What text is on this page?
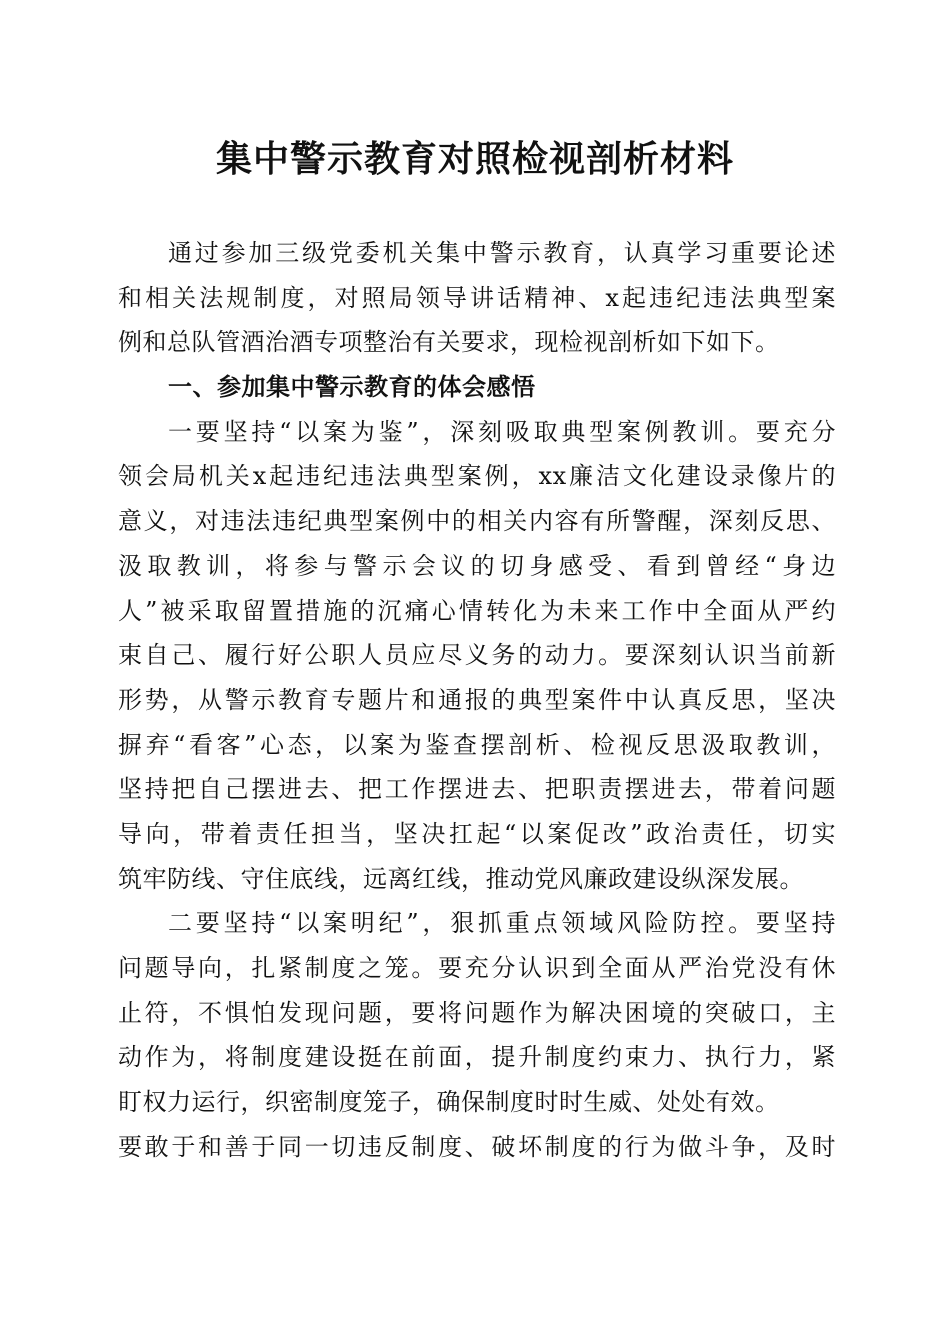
集中警示教育对照检视剖析材料
通过参加三级党委机关集中警示教育，认真学习重要论述
和相关法规制度，对照局领导讲话精神、x起违纪违法典型案
例和总队管酒治酒专项整治有关要求，现检视剖析如下如下。
一、参加集中警示教育的体会感悟
一要坚持“以案为鉴”，深刻吸取典型案例教训。要充分
领会局机关x起违纪违法典型案例，xx廉洁文化建设录像片的
意义，对违法违纪典型案例中的相关内容有所警醒，深刻反思、
汲取教训，将参与警示会议的切身感受、看到曾经“身边
人”被采取留置措施的沉痛心情转化为未来工作中全面从严约
束自己、履行好公职人员应尽义务的动力。要深刻认识当前新
形势，从警示教育专题片和通报的典型案件中认真反思，坚决
摒弃“看客”心态，以案为鉴查摆剖析、检视反思汲取教训，
坚持把自己摆进去、把工作摆进去、把职责摆进去，带着问题
导向，带着责任担当，坚决扛起“以案促改”政治责任，切实
筑牢防线、守住底线，远离红线，推动党风廉政建设纵深发展。
二要坚持“以案明纪”，狠抓重点领域风险防控。要坚持
问题导向，扎紧制度之笼。要充分认识到全面从严治党没有休
止符，不惧怕发现问题，要将问题作为解决困境的突破口，主
动作为，将制度建设挺在前面，提升制度约束力、执行力，紧
盯权力运行，织密制度笼子，确保制度时时生威、处处有效。
要敢于和善于同一切违反制度、破坏制度的行为做斗争，及时
